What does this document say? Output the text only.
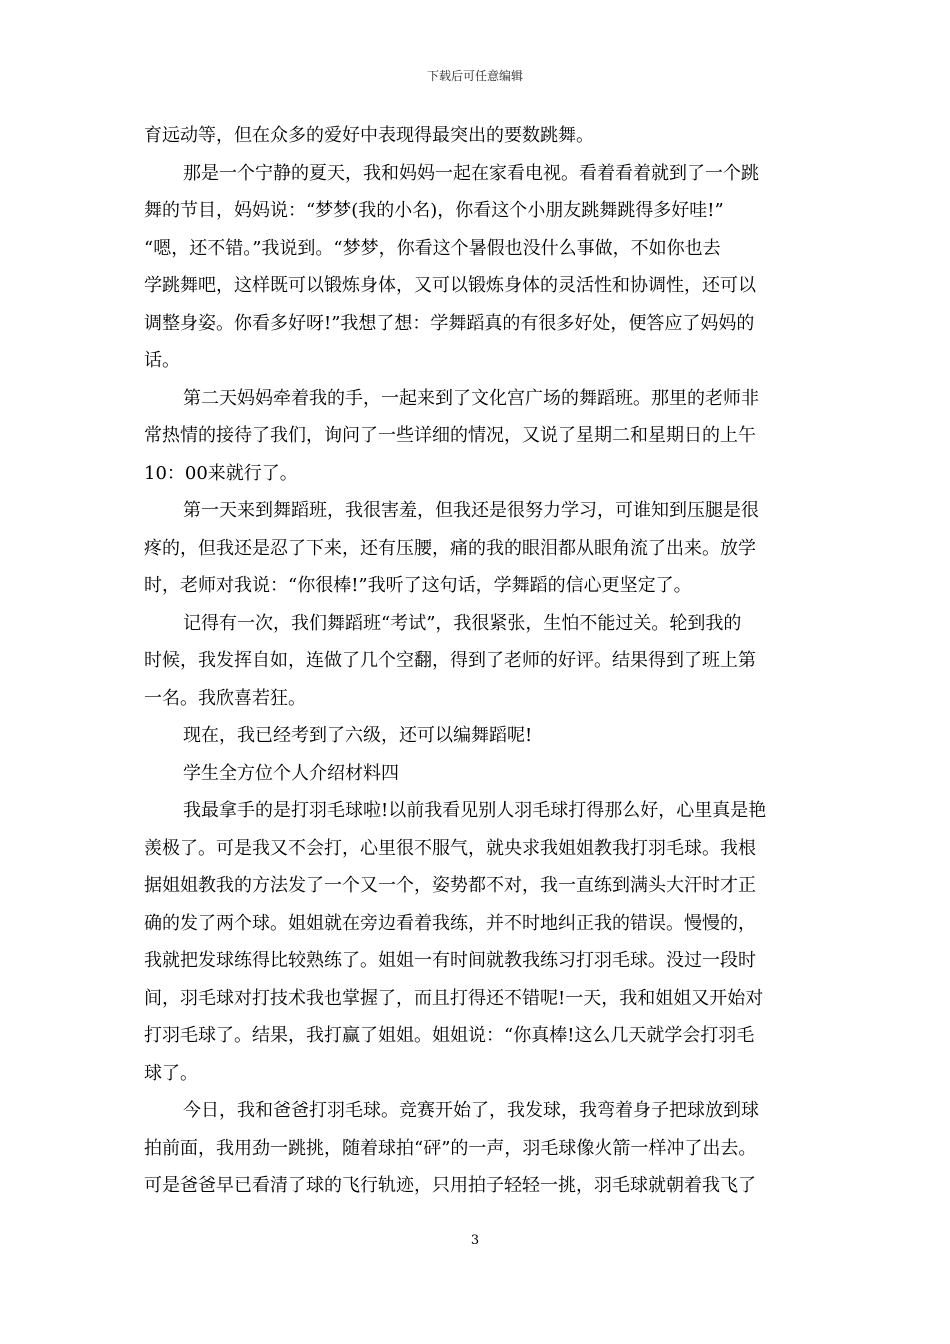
下载后可任意编辑
育远动等，但在众多的爱好中表现得最突出的要数跳舞。
那是一个宁静的夏天，我和妈妈一起在家看电视。看着看着就到了一个跳
舞的节目，妈妈说：“梦梦(我的小名)，你看这个小朋友跳舞跳得多好哇!”
“嗯，还不错。”我说到。“梦梦，你看这个暑假也没什么事做，不如你也去
学跳舞吧，这样既可以锻炼身体，又可以锻炼身体的灵活性和协调性，还可以
调整身姿。你看多好呀!”我想了想：学舞蹈真的有很多好处，便答应了妈妈的
话。
第二天妈妈牵着我的手，一起来到了文化宫广场的舞蹈班。那里的老师非
常热情的接待了我们，询问了一些详细的情况，又说了星期二和星期日的上午
10：00来就行了。
第一天来到舞蹈班，我很害羞，但我还是很努力学习，可谁知到压腿是很
疼的，但我还是忍了下来，还有压腰，痛的我的眼泪都从眼角流了出来。放学
时，老师对我说：“你很棒!”我听了这句话，学舞蹈的信心更坚定了。
记得有一次，我们舞蹈班“考试”，我很紧张，生怕不能过关。轮到我的
时候，我发挥自如，连做了几个空翻，得到了老师的好评。结果得到了班上第
一名。我欣喜若狂。
现在，我已经考到了六级，还可以编舞蹈呢!
学生全方位个人介绍材料四
我最拿手的是打羽毛球啦!以前我看见别人羽毛球打得那么好，心里真是艳
羡极了。可是我又不会打，心里很不服气，就央求我姐姐教我打羽毛球。我根
据姐姐教我的方法发了一个又一个，姿势都不对，我一直练到满头大汗时才正
确的发了两个球。姐姐就在旁边看着我练，并不时地纠正我的错误。慢慢的，
我就把发球练得比较熟练了。姐姐一有时间就教我练习打羽毛球。没过一段时
间，羽毛球对打技术我也掌握了，而且打得还不错呢!一天，我和姐姐又开始对
打羽毛球了。结果，我打赢了姐姐。姐姐说：“你真棒!这么几天就学会打羽毛
球了。
今日，我和爸爸打羽毛球。竞赛开始了，我发球，我弯着身子把球放到球
拍前面，我用劲一跳挑，随着球拍“砰”的一声，羽毛球像火箭一样冲了出去。
可是爸爸早已看清了球的飞行轨迹，只用拍子轻轻一挑，羽毛球就朝着我飞了
3
